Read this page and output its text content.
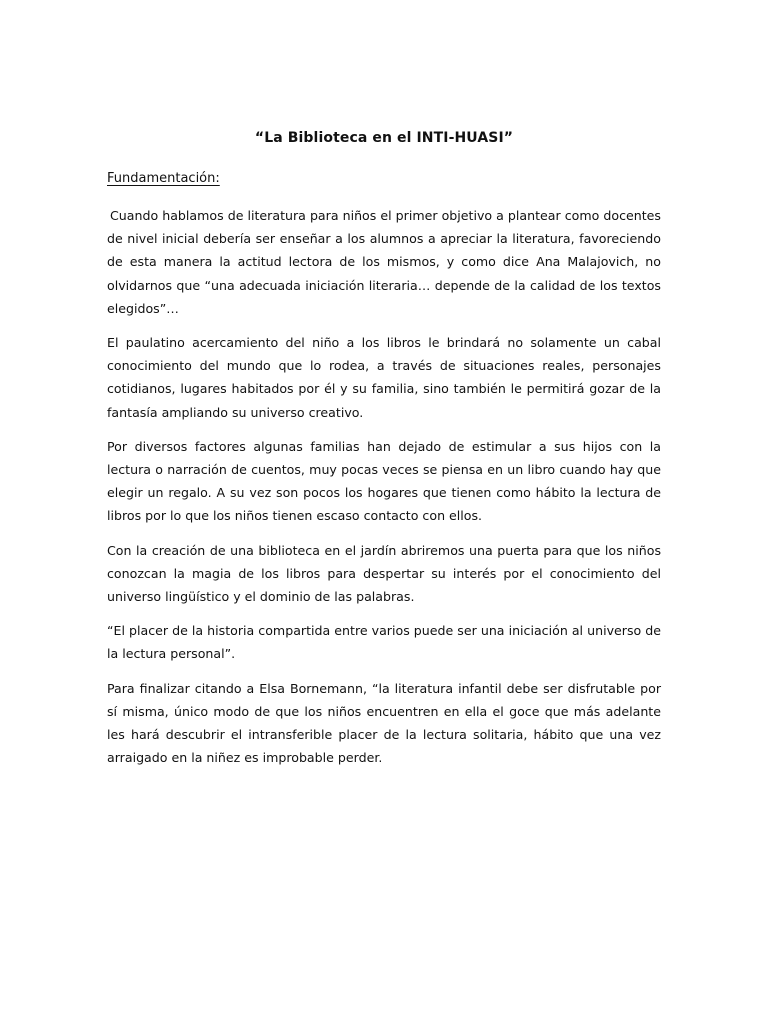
“La Biblioteca en el INTI-HUASI”
Fundamentación:

Cuando hablamos de literatura para niños el primer objetivo a plantear como docentes de nivel inicial debería ser enseñar a los alumnos a apreciar la literatura, favoreciendo de esta manera la actitud lectora de los mismos, y como dice Ana Malajovich, no olvidarnos que “una adecuada iniciación literaria… depende de la calidad de los textos elegidos”…

El paulatino acercamiento del niño a los libros le brindará no solamente un cabal conocimiento del mundo que lo rodea, a través de situaciones reales, personajes cotidianos, lugares habitados por él y su familia, sino también le permitirá gozar de la fantasía ampliando su universo creativo.

Por diversos factores algunas familias han dejado de estimular a sus hijos con la lectura o narración de cuentos, muy pocas veces se piensa en un libro cuando hay que elegir un regalo. A su vez son pocos los hogares que tienen como hábito la lectura de libros por lo que los niños tienen escaso contacto con ellos.

Con la creación de una biblioteca en el jardín abriremos una puerta para que los niños conozcan la magia de los libros para despertar su interés por el conocimiento del universo lingüístico y el dominio de las palabras.

“El placer de la historia compartida entre varios puede ser una iniciación al universo de la lectura personal”.

Para finalizar citando a Elsa Bornemann, “la literatura infantil debe ser disfrutable por sí misma, único modo de que los niños encuentren en ella el goce que más adelante les hará descubrir el intransferible placer de la lectura solitaria, hábito que una vez arraigado en la niñez es improbable perder.
